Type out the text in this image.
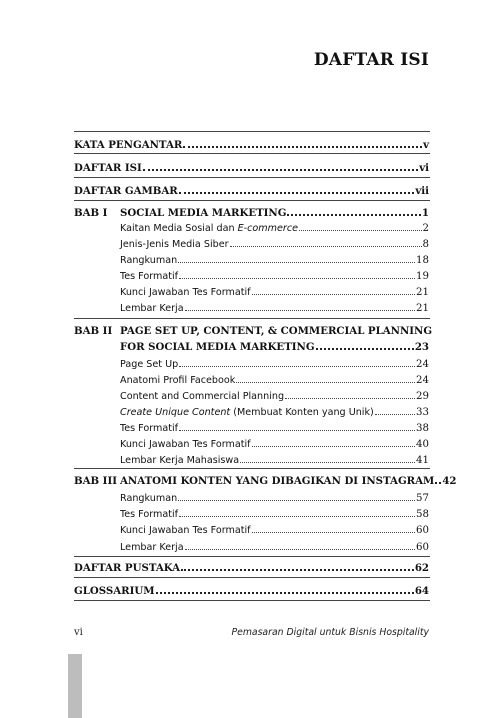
DAFTAR ISI
KATA PENGANTAR	v
DAFTAR ISI	vi
DAFTAR GAMBAR	vii
BAB I	SOCIAL MEDIA MARKETING	1
Kaitan Media Sosial dan E-commerce	2
Jenis-Jenis Media Siber	8
Rangkuman	18
Tes Formatif	19
Kunci Jawaban Tes Formatif	21
Lembar Kerja	21
BAB II PAGE SET UP, CONTENT, & COMMERCIAL PLANNING
FOR SOCIAL MEDIA MARKETING	23
Page Set Up	24
Anatomi Profil Facebook	24
Content and Commercial Planning	29
Create Unique Content (Membuat Konten yang Unik)	33
Tes Formatif	38
Kunci Jawaban Tes Formatif	40
Lembar Kerja Mahasiswa	41
BAB III ANATOMI KONTEN YANG DIBAGIKAN DI INSTAGRAM 42
Rangkuman	57
Tes Formatif	58
Kunci Jawaban Tes Formatif	60
Lembar Kerja	60
DAFTAR PUSTAKA	62
GLOSSARIUM	64
vi	Pemasaran Digital untuk Bisnis Hospitality
